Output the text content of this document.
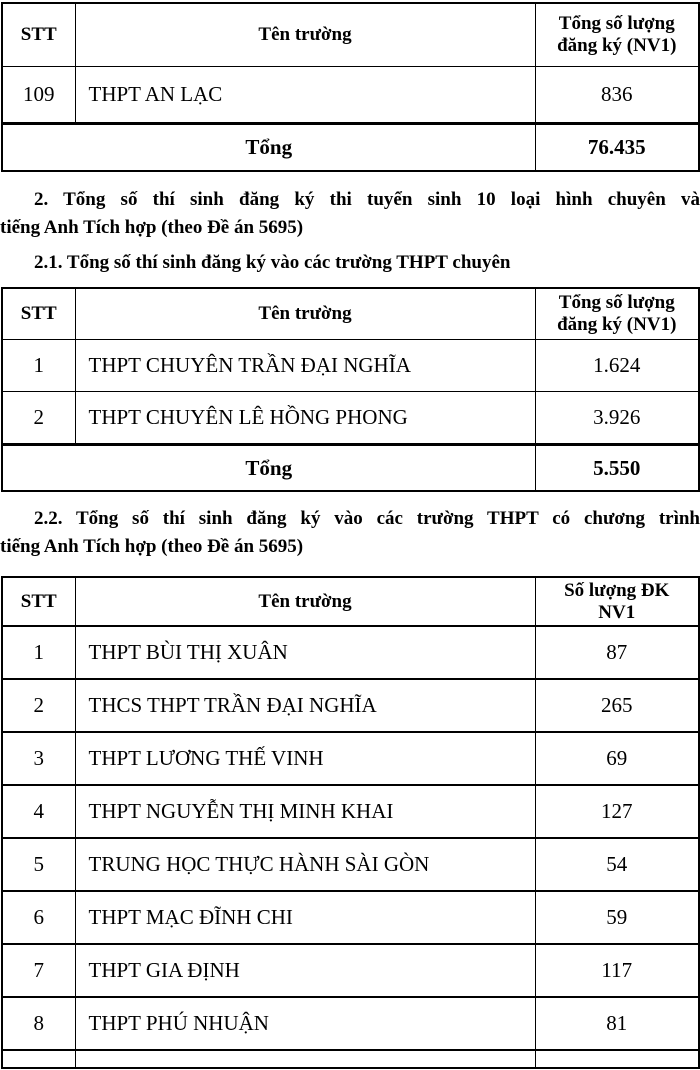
STT	Tên trường	Tổng số lượng
đăng ký (NV1)

109	THPT AN LẠC	836
Tổng		76.435
2. Tổng số thí sinh đăng ký thi tuyển sinh 10 loại hình chuyên và
tiếng Anh Tích hợp (theo Đề án 5695)
2.1. Tổng số thí sinh đăng ký vào các trường THPT chuyên
STT	Tên trường	Tổng số lượng
đăng ký (NV1)

1	THPT CHUYÊN TRẦN ĐẠI NGHĨA	1.624
2	THPT CHUYÊN LÊ HỒNG PHONG	3.926
Tổng		5.550
2.2. Tổng số thí sinh đăng ký vào các trường THPT có chương trình
tiếng Anh Tích hợp (theo Đề án 5695)
STT	Tên trường	Số lượng ĐK
NV1

1	THPT BÙI THỊ XUÂN	87
2	THCS THPT TRẦN ĐẠI NGHĨA	265
3	THPT LƯƠNG THẾ VINH	69
4	THPT NGUYỄN THỊ MINH KHAI	127
5	TRUNG HỌC THỰC HÀNH SÀI GÒN	54
6	THPT MẠC ĐĨNH CHI	59
7	THPT GIA ĐỊNH	117
8	THPT PHÚ NHUẬN	81
